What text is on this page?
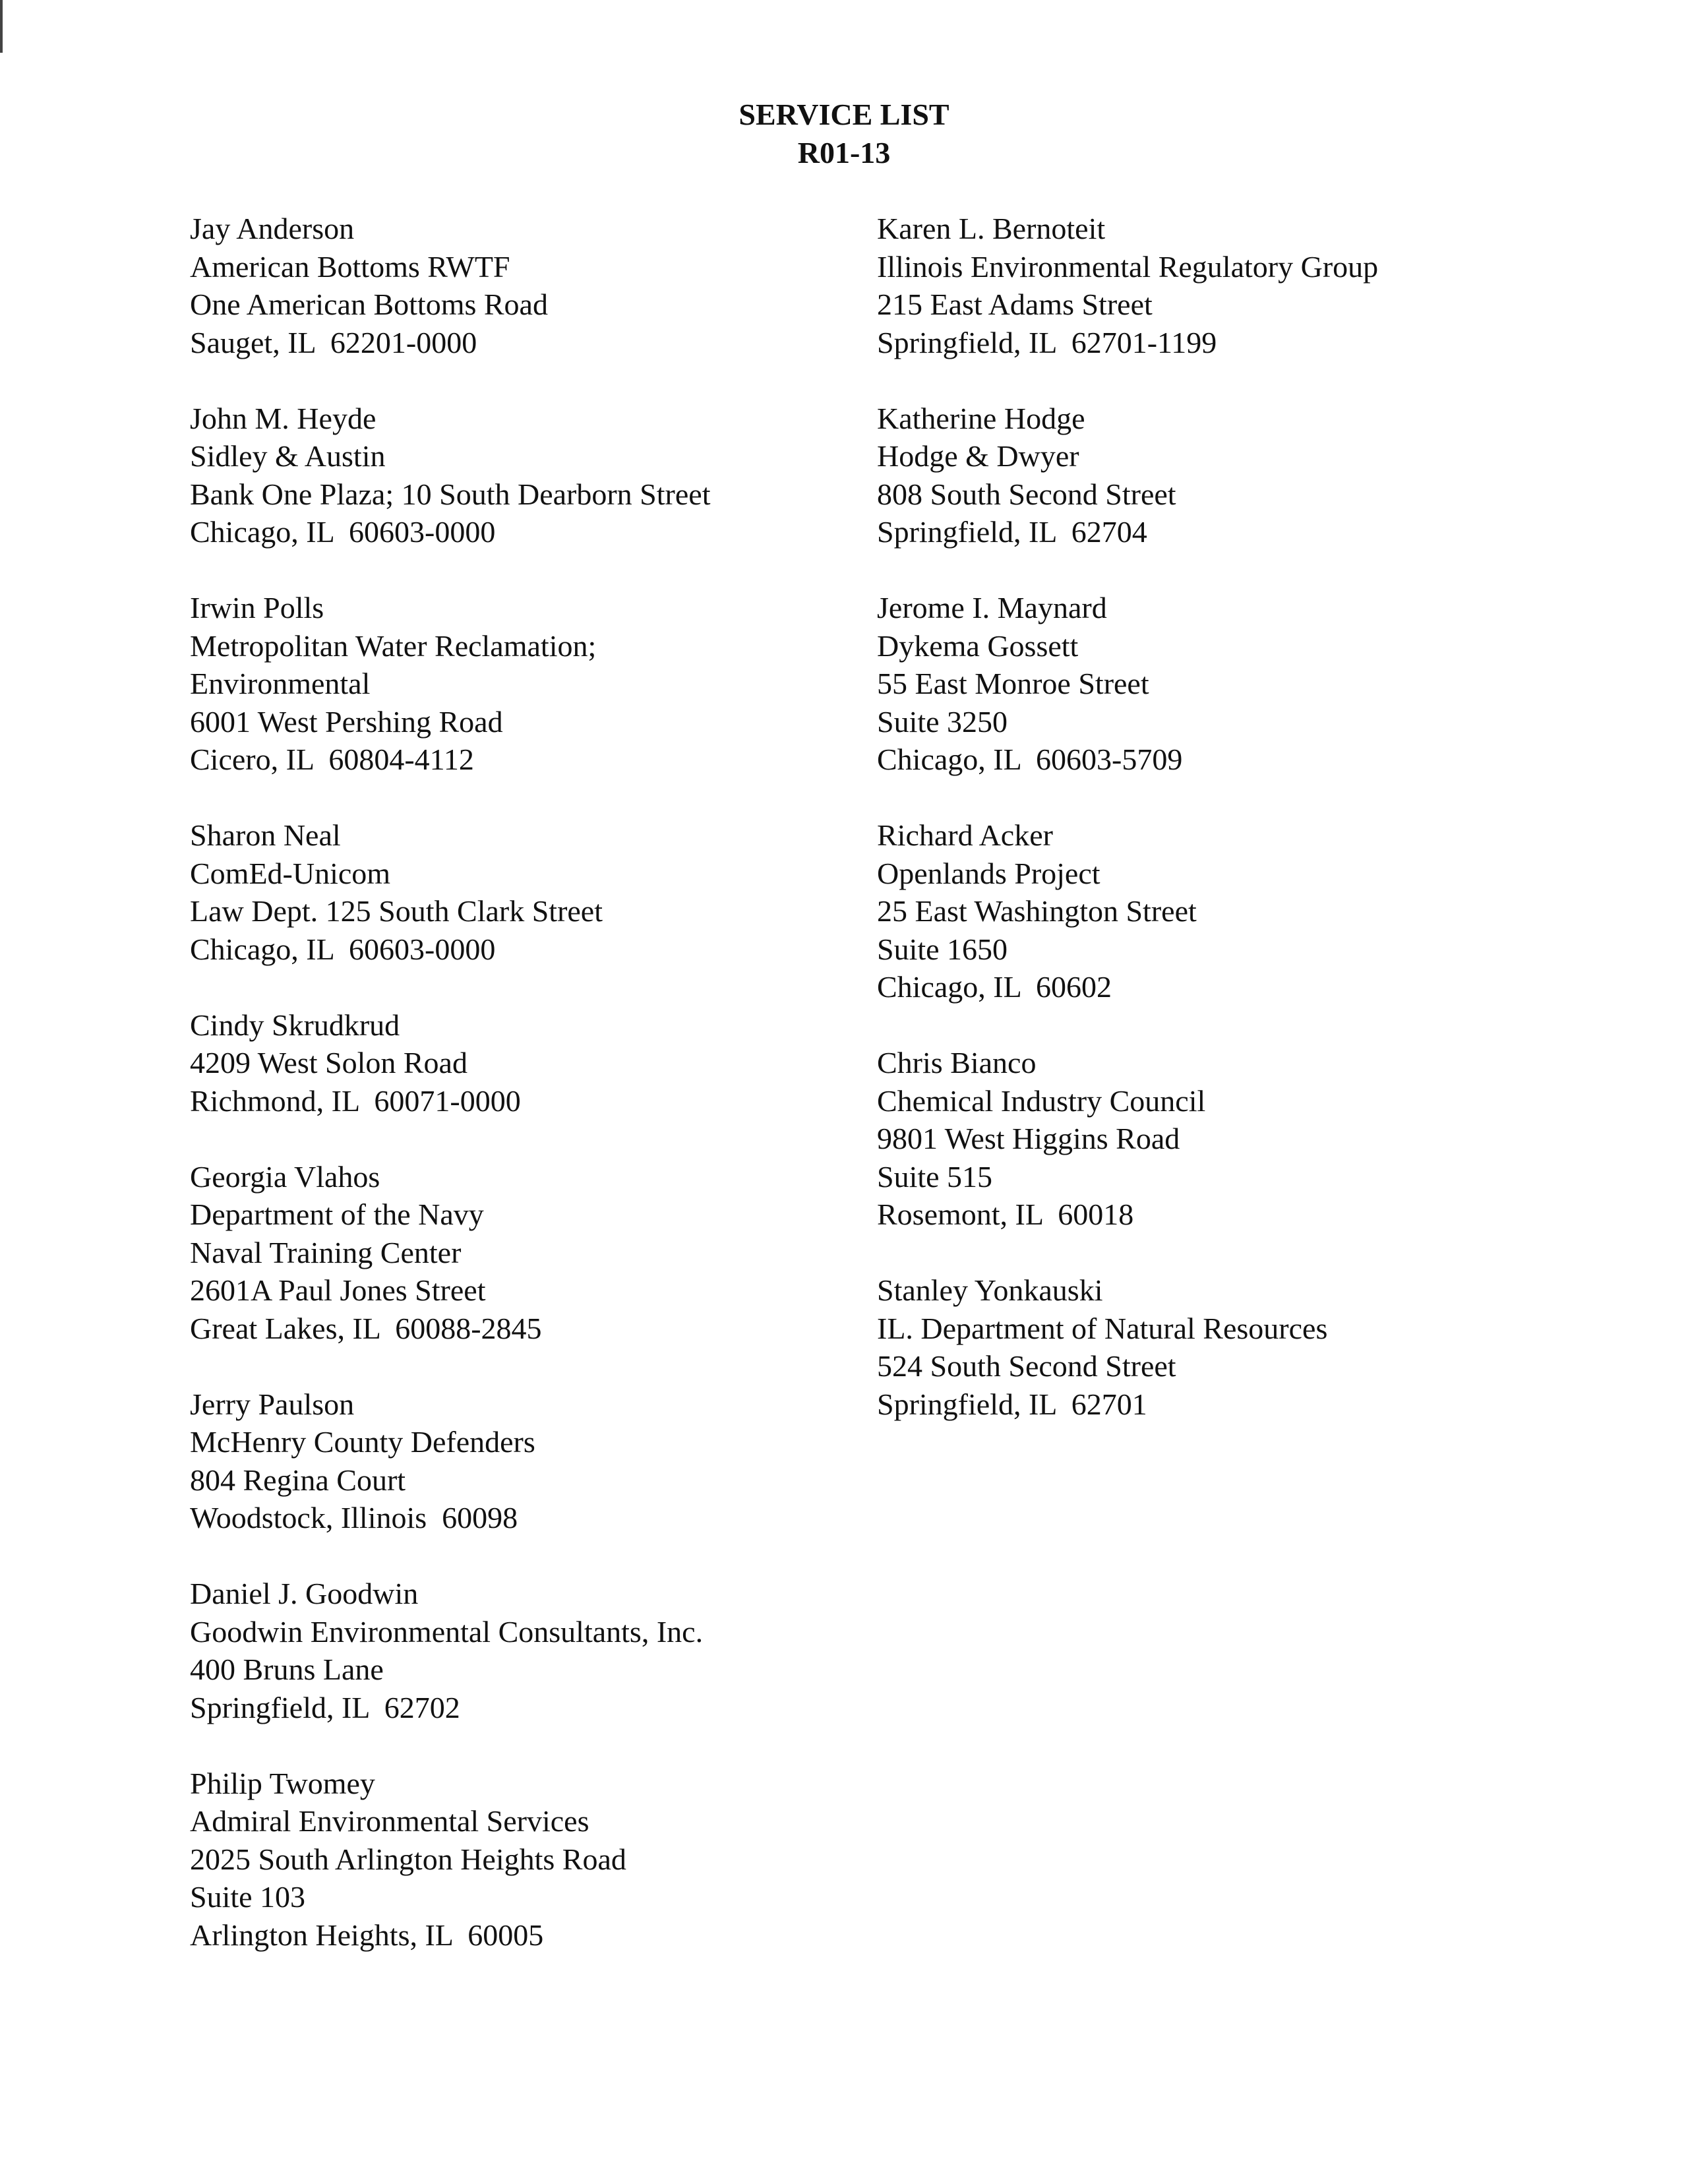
SERVICE LIST
R01-13
Jay Anderson
American Bottoms RWTF
One American Bottoms Road
Sauget, IL  62201-0000
John M. Heyde
Sidley & Austin
Bank One Plaza; 10 South Dearborn Street
Chicago, IL  60603-0000
Irwin Polls
Metropolitan Water Reclamation;
Environmental
6001 West Pershing Road
Cicero, IL  60804-4112
Sharon Neal
ComEd-Unicom
Law Dept. 125 South Clark Street
Chicago, IL  60603-0000
Cindy Skrudkrud
4209 West Solon Road
Richmond, IL  60071-0000
Georgia Vlahos
Department of the Navy
Naval Training Center
2601A Paul Jones Street
Great Lakes, IL  60088-2845
Jerry Paulson
McHenry County Defenders
804 Regina Court
Woodstock, Illinois  60098
Daniel J. Goodwin
Goodwin Environmental Consultants, Inc.
400 Bruns Lane
Springfield, IL  62702
Philip Twomey
Admiral Environmental Services
2025 South Arlington Heights Road
Suite 103
Arlington Heights, IL  60005
Karen L. Bernoteit
Illinois Environmental Regulatory Group
215 East Adams Street
Springfield, IL  62701-1199
Katherine Hodge
Hodge & Dwyer
808 South Second Street
Springfield, IL  62704
Jerome I. Maynard
Dykema Gossett
55 East Monroe Street
Suite 3250
Chicago, IL  60603-5709
Richard Acker
Openlands Project
25 East Washington Street
Suite 1650
Chicago, IL  60602
Chris Bianco
Chemical Industry Council
9801 West Higgins Road
Suite 515
Rosemont, IL  60018
Stanley Yonkauski
IL. Department of Natural Resources
524 South Second Street
Springfield, IL  62701
